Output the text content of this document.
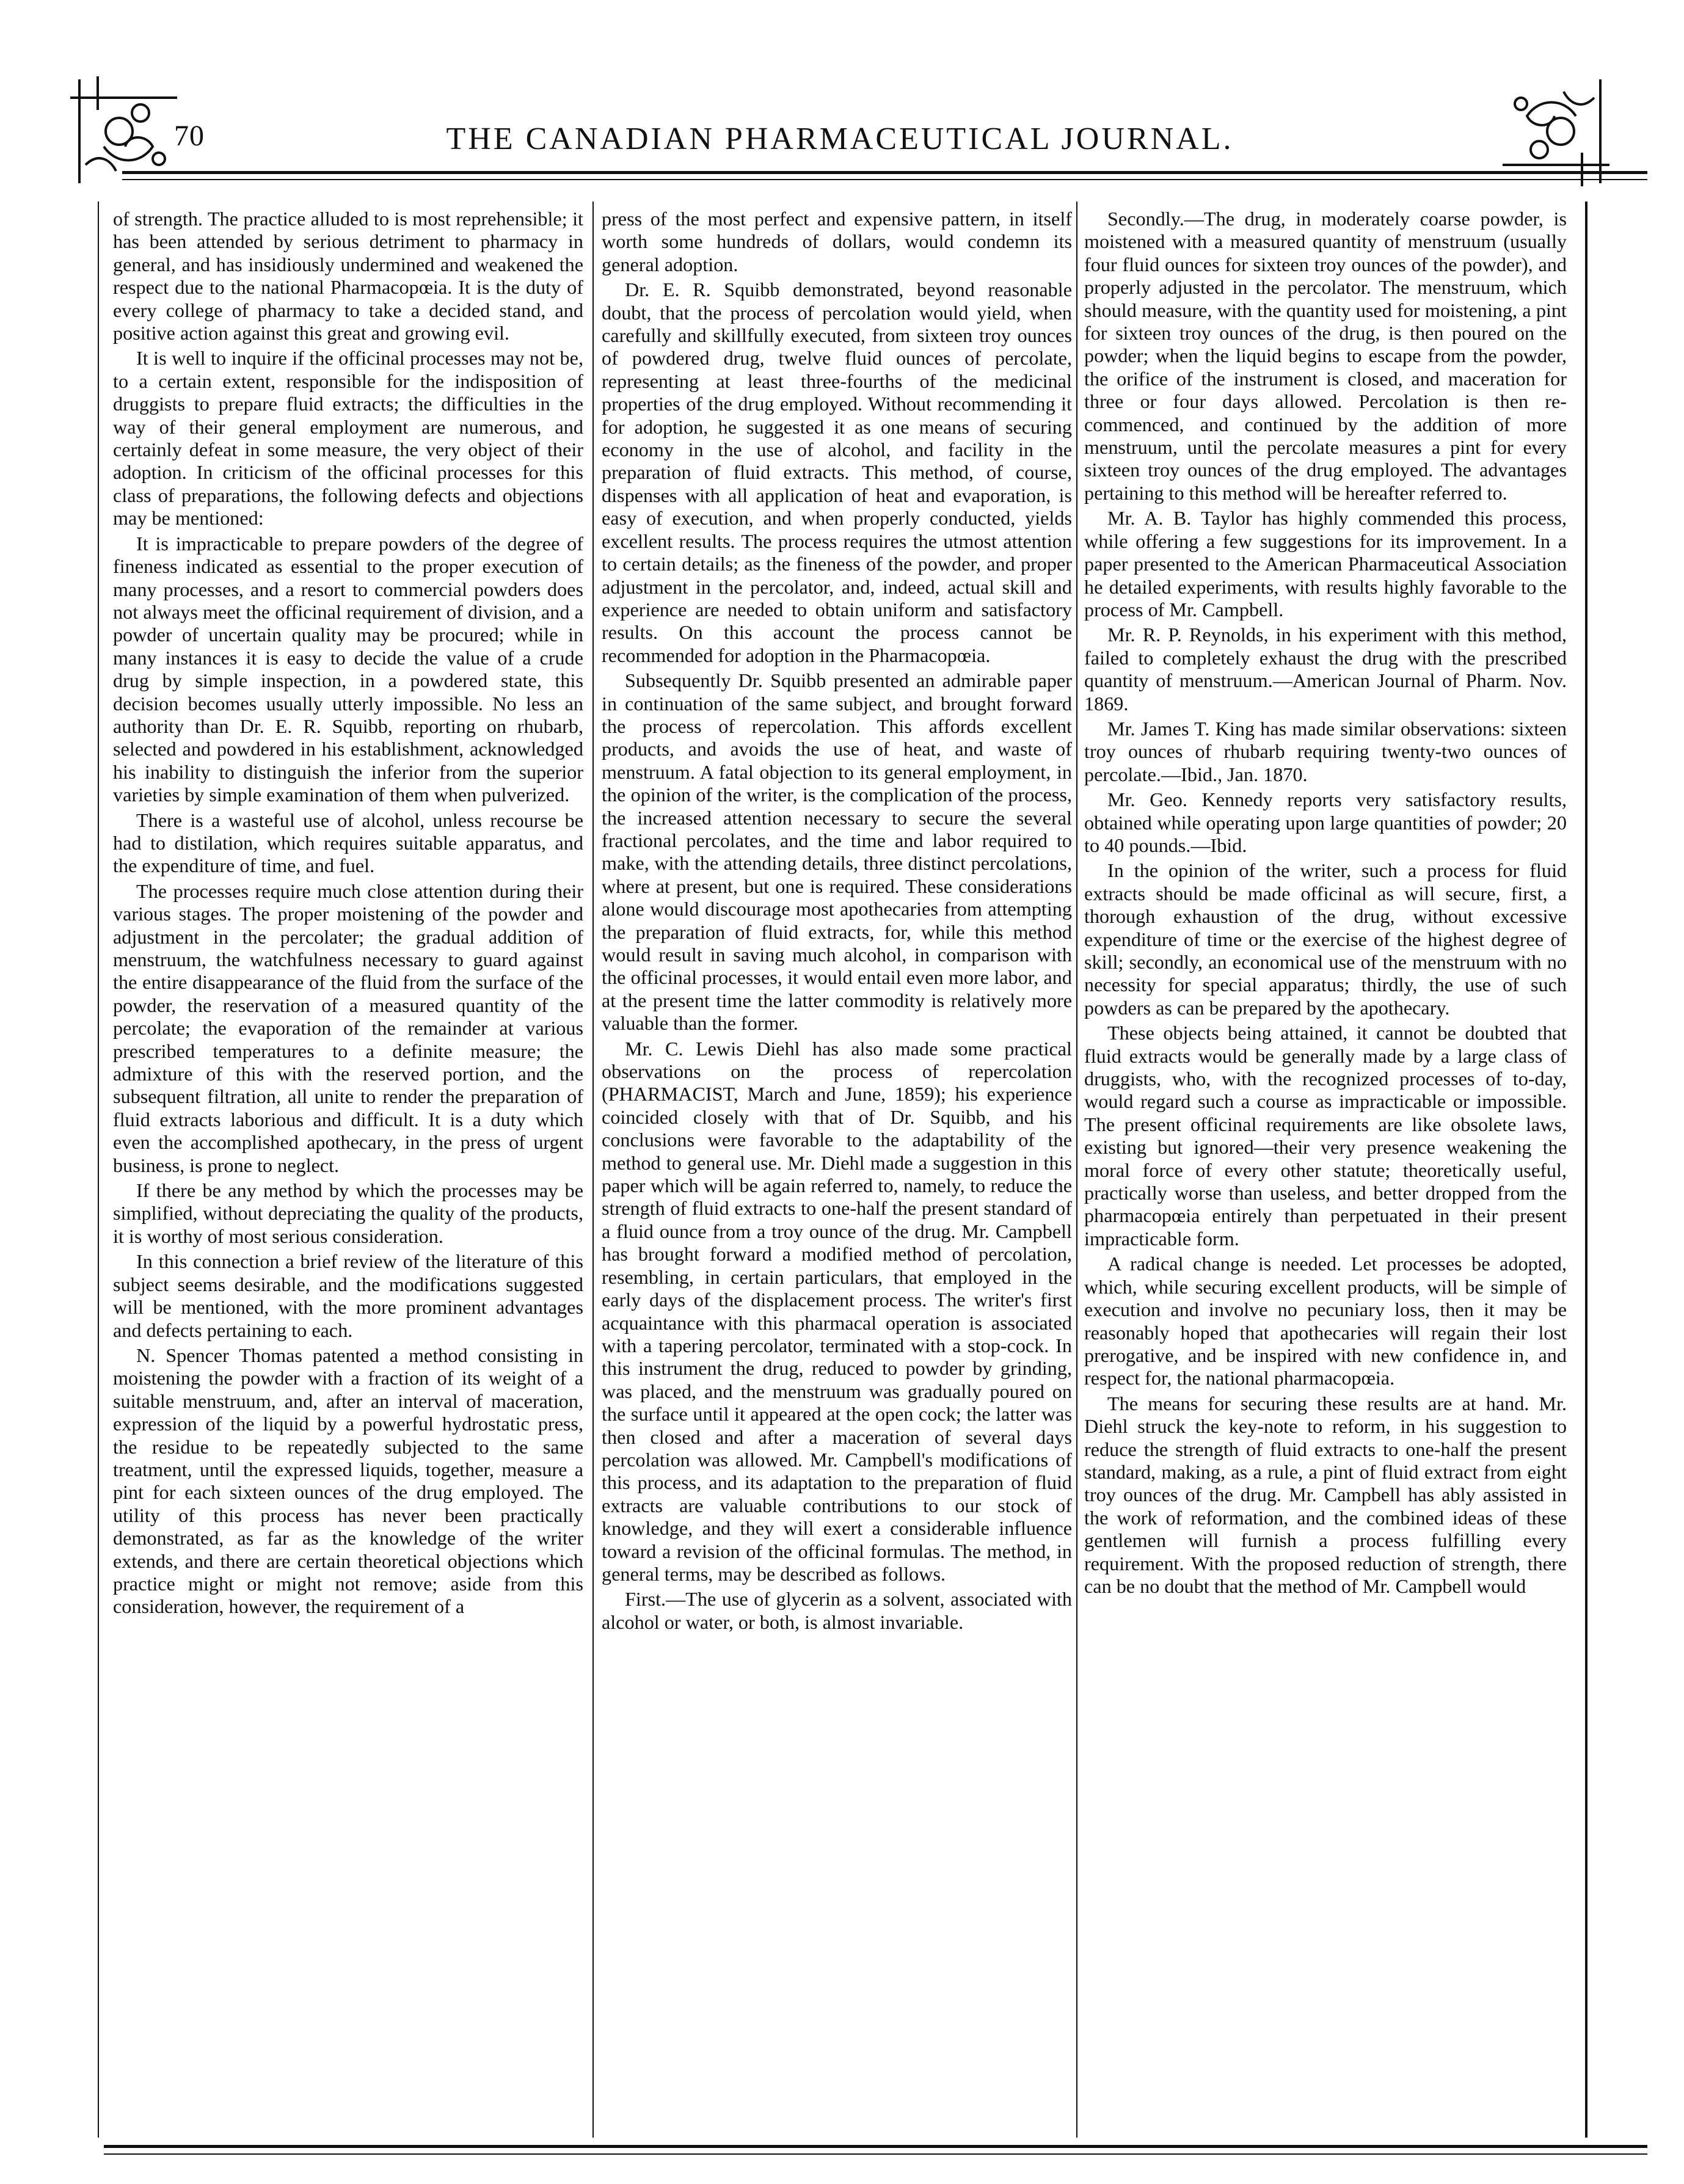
70	THE CANADIAN PHARMACEUTICAL JOURNAL.

of strength. The practice alluded to is most reprehensible; it has been attended by serious detriment to pharmacy in general, and has insidiously undermined and weakened the respect due to the national Pharmacopœia. It is the duty of every college of pharmacy to take a decided stand, and positive action against this great and growing evil.

It is well to inquire if the officinal processes may not be, to a certain extent, responsible for the indisposition of druggists to prepare fluid extracts; the difficulties in the way of their general employment are numerous, and certainly defeat in some measure, the very object of their adoption. In criticism of the officinal processes for this class of preparations, the following defects and objections may be mentioned:

It is impracticable to prepare powders of the degree of fineness indicated as essential to the proper execution of many processes, and a resort to commercial powders does not always meet the officinal requirement of division, and a powder of uncertain quality may be procured; while in many instances it is easy to decide the value of a crude drug by simple inspection, in a powdered state, this decision becomes usually utterly impossible. No less an authority than Dr. E. R. Squibb, reporting on rhubarb, selected and powdered in his establishment, acknowledged his inability to distinguish the inferior from the superior varieties by simple examination of them when pulverized.

There is a wasteful use of alcohol, unless recourse be had to distilation, which requires suitable apparatus, and the expenditure of time, and fuel.

The processes require much close attention during their various stages. The proper moistening of the powder and adjustment in the percolater; the gradual addition of menstruum, the watchfulness necessary to guard against the entire disappearance of the fluid from the surface of the powder, the reservation of a measured quantity of the percolate; the evaporation of the remainder at various prescribed temperatures to a definite measure; the admixture of this with the reserved portion, and the subsequent filtration, all unite to render the preparation of fluid extracts laborious and difficult. It is a duty which even the accomplished apothecary, in the press of urgent business, is prone to neglect.

If there be any method by which the processes may be simplified, without depreciating the quality of the products, it is worthy of most serious consideration.

In this connection a brief review of the literature of this subject seems desirable, and the modifications suggested will be mentioned, with the more prominent advantages and defects pertaining to each.

N. Spencer Thomas patented a method consisting in moistening the powder with a fraction of its weight of a suitable menstruum, and, after an interval of maceration, expression of the liquid by a powerful hydrostatic press, the residue to be repeatedly subjected to the same treatment, until the expressed liquids, together, measure a pint for each sixteen ounces of the drug employed. The utility of this process has never been practically demonstrated, as far as the knowledge of the writer extends, and there are certain theoretical objections which practice might or might not remove; aside from this consideration, however, the requirement of a

press of the most perfect and expensive pattern, in itself worth some hundreds of dollars, would condemn its general adoption.

Dr. E. R. Squibb demonstrated, beyond reasonable doubt, that the process of percolation would yield, when carefully and skillfully executed, from sixteen troy ounces of powdered drug, twelve fluid ounces of percolate, representing at least three-fourths of the medicinal properties of the drug employed. Without recommending it for adoption, he suggested it as one means of securing economy in the use of alcohol, and facility in the preparation of fluid extracts. This method, of course, dispenses with all application of heat and evaporation, is easy of execution, and when properly conducted, yields excellent results. The process requires the utmost attention to certain details; as the fineness of the powder, and proper adjustment in the percolator, and, indeed, actual skill and experience are needed to obtain uniform and satisfactory results. On this account the process cannot be recommended for adoption in the Pharmacopœia.

Subsequently Dr. Squibb presented an admirable paper in continuation of the same subject, and brought forward the process of repercolation. This affords excellent products, and avoids the use of heat, and waste of menstruum. A fatal objection to its general employment, in the opinion of the writer, is the complication of the process, the increased attention necessary to secure the several fractional percolates, and the time and labor required to make, with the attending details, three distinct percolations, where at present, but one is required. These considerations alone would discourage most apothecaries from attempting the preparation of fluid extracts, for, while this method would result in saving much alcohol, in comparison with the officinal processes, it would entail even more labor, and at the present time the latter commodity is relatively more valuable than the former.

Mr. C. Lewis Diehl has also made some practical observations on the process of repercolation (PHARMACIST, March and June, 1859); his experience coincided closely with that of Dr. Squibb, and his conclusions were favorable to the adaptability of the method to general use. Mr. Diehl made a suggestion in this paper which will be again referred to, namely, to reduce the strength of fluid extracts to one-half the present standard of a fluid ounce from a troy ounce of the drug. Mr. Campbell has brought forward a modified method of percolation, resembling, in certain particulars, that employed in the early days of the displacement process. The writer's first acquaintance with this pharmacal operation is associated with a tapering percolator, terminated with a stop-cock. In this instrument the drug, reduced to powder by grinding, was placed, and the menstruum was gradually poured on the surface until it appeared at the open cock; the latter was then closed and after a maceration of several days percolation was allowed. Mr. Campbell's modifications of this process, and its adaptation to the preparation of fluid extracts are valuable contributions to our stock of knowledge, and they will exert a considerable influence toward a revision of the officinal formulas. The method, in general terms, may be described as follows.

First.—The use of glycerin as a solvent, associated with alcohol or water, or both, is almost invariable.

Secondly.—The drug, in moderately coarse powder, is moistened with a measured quantity of menstruum (usually four fluid ounces for sixteen troy ounces of the powder), and properly adjusted in the percolator. The menstruum, which should measure, with the quantity used for moistening, a pint for sixteen troy ounces of the drug, is then poured on the powder; when the liquid begins to escape from the powder, the orifice of the instrument is closed, and maceration for three or four days allowed. Percolation is then re-commenced, and continued by the addition of more menstruum, until the percolate measures a pint for every sixteen troy ounces of the drug employed. The advantages pertaining to this method will be hereafter referred to.

Mr. A. B. Taylor has highly commended this process, while offering a few suggestions for its improvement. In a paper presented to the American Pharmaceutical Association he detailed experiments, with results highly favorable to the process of Mr. Campbell.

Mr. R. P. Reynolds, in his experiment with this method, failed to completely exhaust the drug with the prescribed quantity of menstruum.—American Journal of Pharm. Nov. 1869.

Mr. James T. King has made similar observations: sixteen troy ounces of rhubarb requiring twenty-two ounces of percolate.—Ibid., Jan. 1870.

Mr. Geo. Kennedy reports very satisfactory results, obtained while operating upon large quantities of powder; 20 to 40 pounds.—Ibid.

In the opinion of the writer, such a process for fluid extracts should be made officinal as will secure, first, a thorough exhaustion of the drug, without excessive expenditure of time or the exercise of the highest degree of skill; secondly, an economical use of the menstruum with no necessity for special apparatus; thirdly, the use of such powders as can be prepared by the apothecary.

These objects being attained, it cannot be doubted that fluid extracts would be generally made by a large class of druggists, who, with the recognized processes of to-day, would regard such a course as impracticable or impossible. The present officinal requirements are like obsolete laws, existing but ignored—their very presence weakening the moral force of every other statute; theoretically useful, practically worse than useless, and better dropped from the pharmacopœia entirely than perpetuated in their present impracticable form.

A radical change is needed. Let processes be adopted, which, while securing excellent products, will be simple of execution and involve no pecuniary loss, then it may be reasonably hoped that apothecaries will regain their lost prerogative, and be inspired with new confidence in, and respect for, the national pharmacopœia.

The means for securing these results are at hand. Mr. Diehl struck the key-note to reform, in his suggestion to reduce the strength of fluid extracts to one-half the present standard, making, as a rule, a pint of fluid extract from eight troy ounces of the drug. Mr. Campbell has ably assisted in the work of reformation, and the combined ideas of these gentlemen will furnish a process fulfilling every requirement. With the proposed reduction of strength, there can be no doubt that the method of Mr. Campbell would
